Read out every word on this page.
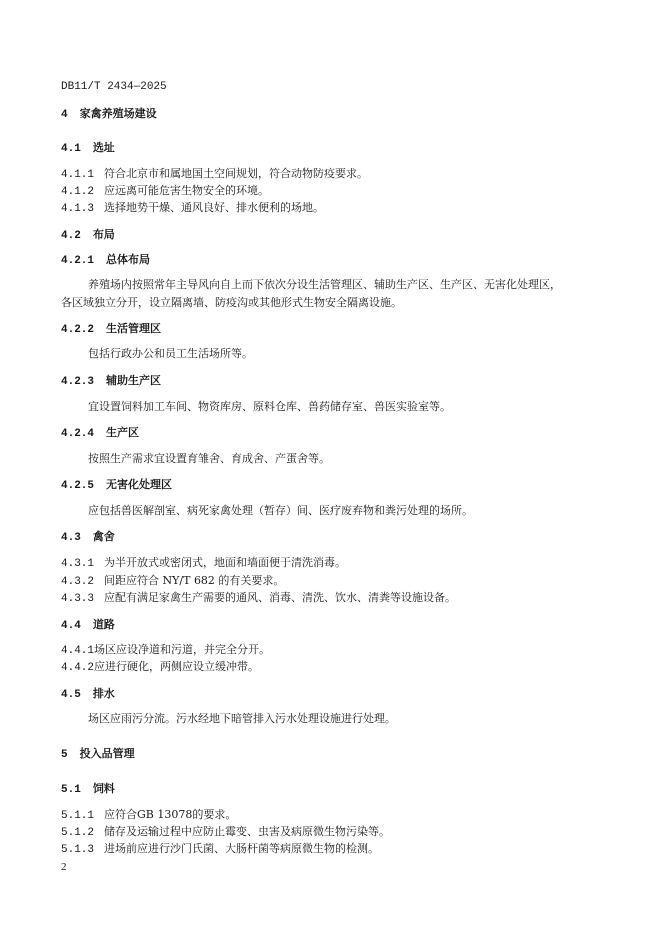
DB11/T 2434—2025
4 家禽养殖场建设
4.1 选址
4.1.1 符合北京市和属地国土空间规划，符合动物防疫要求。
4.1.2 应远离可能危害生物安全的环境。
4.1.3 选择地势干燥、通风良好、排水便利的场地。
4.2 布局
4.2.1 总体布局
养殖场内按照常年主导风向自上而下依次分设生活管理区、辅助生产区、生产区、无害化处理区，
各区域独立分开，设立隔离墙、防疫沟或其他形式生物安全隔离设施。
4.2.2 生活管理区
包括行政办公和员工生活场所等。
4.2.3 辅助生产区
宜设置饲料加工车间、物资库房、原料仓库、兽药储存室、兽医实验室等。
4.2.4 生产区
按照生产需求宜设置育雏舍、育成舍、产蛋舍等。
4.2.5 无害化处理区
应包括兽医解剖室、病死家禽处理（暂存）间、医疗废弃物和粪污处理的场所。
4.3 禽舍
4.3.1 为半开放式或密闭式，地面和墙面便于清洗消毒。
4.3.2 间距应符合 NY/T 682 的有关要求。
4.3.3 应配有满足家禽生产需要的通风、消毒、清洗、饮水、清粪等设施设备。
4.4 道路
4.4.1场区应设净道和污道，并完全分开。
4.4.2应进行硬化，两侧应设立缓冲带。
4.5 排水
场区应雨污分流。污水经地下暗管排入污水处理设施进行处理。
5 投入品管理
5.1 饲料
5.1.1 应符合GB 13078的要求。
5.1.2 储存及运输过程中应防止霉变、虫害及病原微生物污染等。
5.1.3 进场前应进行沙门氏菌、大肠杆菌等病原微生物的检测。
2
